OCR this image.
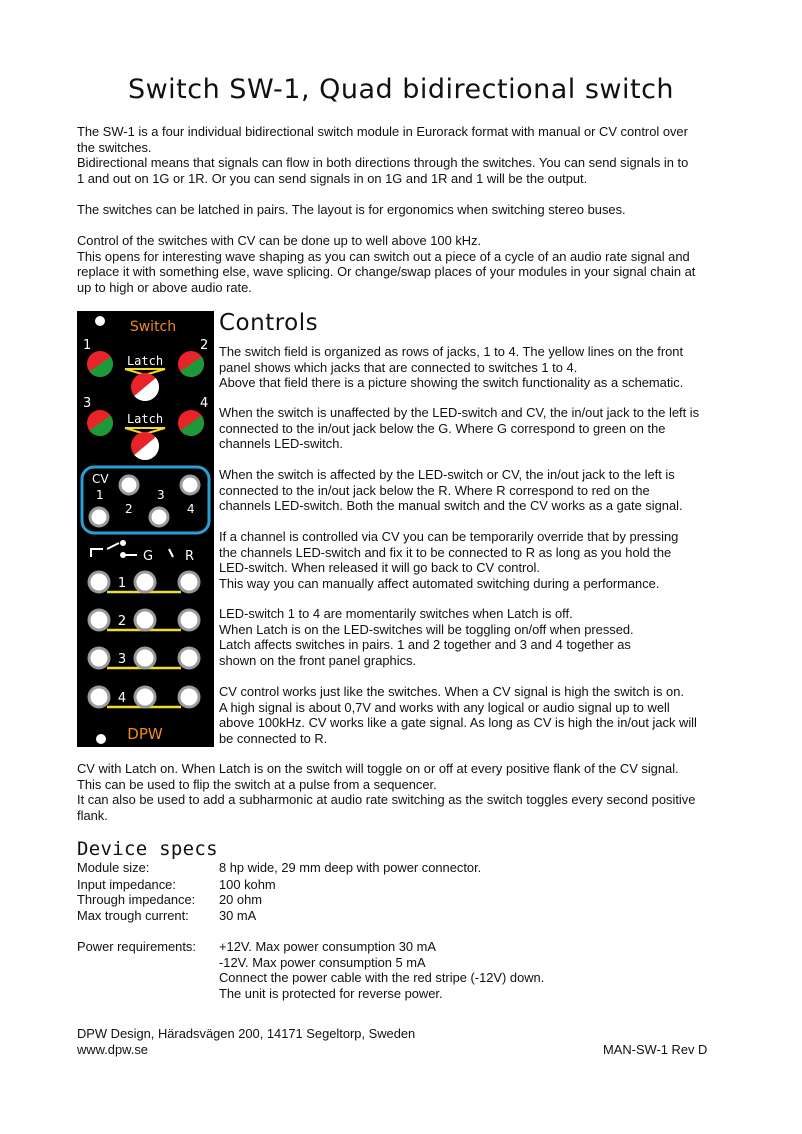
Switch SW-1, Quad bidirectional switch
The SW-1 is a four individual bidirectional switch module in Eurorack format with manual or CV control over
the switches.
Bidirectional means that signals can flow in both directions through the switches. You can send signals in to
1 and out on 1G or 1R. Or you can send signals in on 1G and 1R and 1 will be the output.
The switches can be latched in pairs. The layout is for ergonomics when switching stereo buses.
Control of the switches with CV can be done up to well above 100 kHz.
This opens for interesting wave shaping as you can switch out a piece of a cycle of an audio rate signal and
replace it with something else, wave splicing. Or change/swap places of your modules in your signal chain at
up to high or above audio rate.
Switch
1	2
Latch
3	4
Latch
CV
1	3
2	4
G R
1
2
3
4
DPW
Controls
The switch field is organized as rows of jacks, 1 to 4. The yellow lines on the front
panel shows which jacks that are connected to switches 1 to 4.
Above that field there is a picture showing the switch functionality as a schematic.
When the switch is unaffected by the LED-switch and CV, the in/out jack to the left is
connected to the in/out jack below the G. Where G correspond to green on the
channels LED-switch.
When the switch is affected by the LED-switch or CV, the in/out jack to the left is
connected to the in/out jack below the R. Where R correspond to red on the
channels LED-switch. Both the manual switch and the CV works as a gate signal.
If a channel is controlled via CV you can be temporarily override that by pressing
the channels LED-switch and fix it to be connected to R as long as you hold the
LED-switch. When released it will go back to CV control.
This way you can manually affect automated switching during a performance.
LED-switch 1 to 4 are momentarily switches when Latch is off.
When Latch is on the LED-switches will be toggling on/off when pressed.
Latch affects switches in pairs. 1 and 2 together and 3 and 4 together as
shown on the front panel graphics.
CV control works just like the switches. When a CV signal is high the switch is on.
A high signal is about 0,7V and works with any logical or audio signal up to well
above 100kHz. CV works like a gate signal. As long as CV is high the in/out jack will
be connected to R.
CV with Latch on. When Latch is on the switch will toggle on or off at every positive flank of the CV signal.
This can be used to flip the switch at a pulse from a sequencer.
It can also be used to add a subharmonic at audio rate switching as the switch toggles every second positive
flank.
Device specs
Module size:	8 hp wide, 29 mm deep with power connector.
Input impedance:	100 kohm
Through impedance:	20 ohm
Max trough current:	30 mA
Power requirements:	+12V. Max power consumption 30 mA
-12V. Max power consumption 5 mA
Connect the power cable with the red stripe (-12V) down.
The unit is protected for reverse power.
DPW Design, Häradsvägen 200, 14171 Segeltorp, Sweden
www.dpw.se	MAN-SW-1 Rev D
